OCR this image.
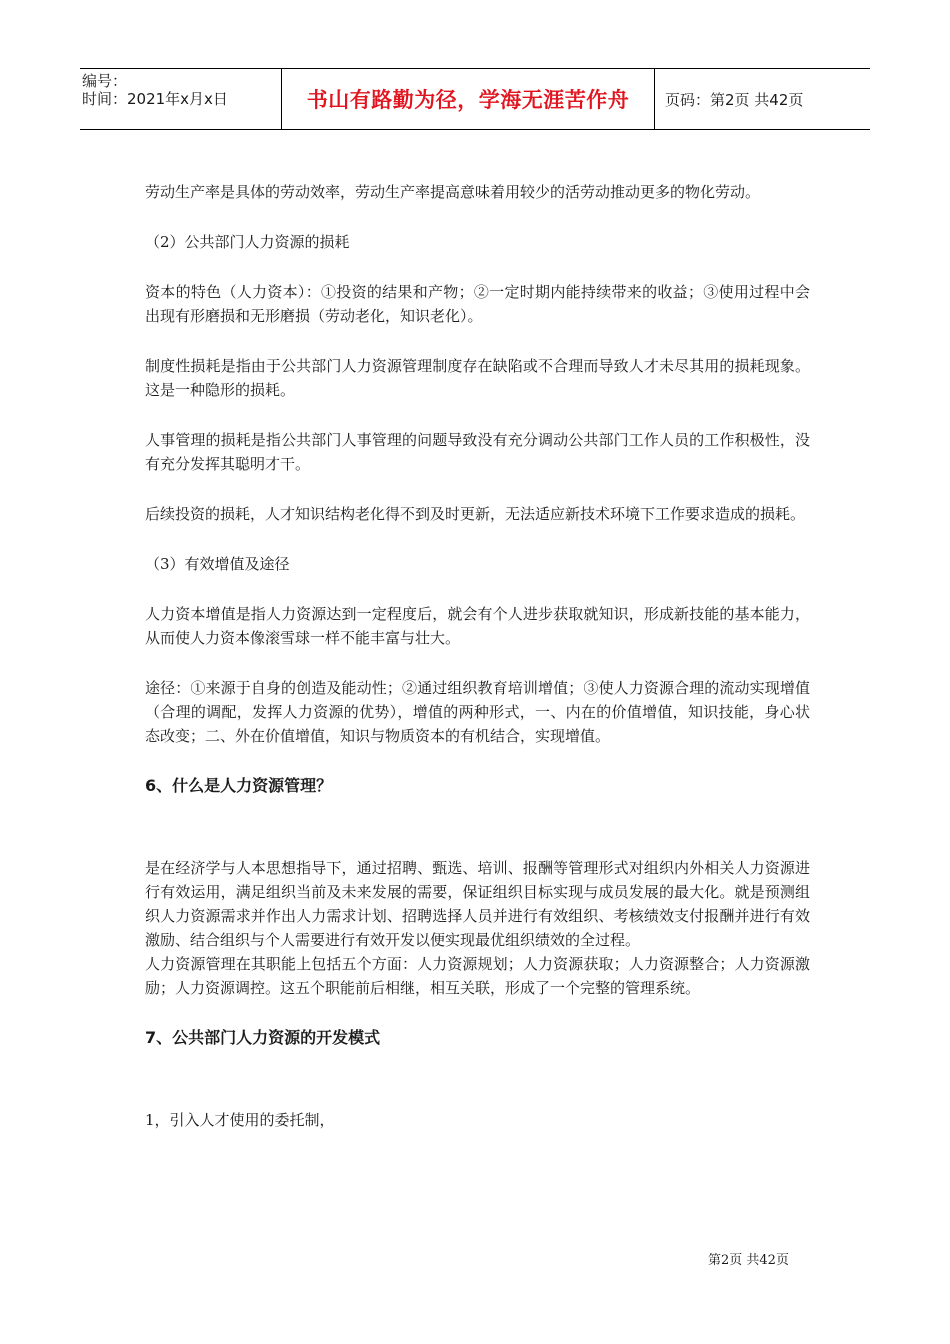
编号：
时间：2021年x月x日	书山有路勤为径，学海无涯苦作舟	页码：第2页 共42页

劳动生产率是具体的劳动效率，劳动生产率提高意味着用较少的活劳动推动更多的物化劳动。

（2）公共部门人力资源的损耗

资本的特色（人力资本）：①投资的结果和产物；②一定时期内能持续带来的收益；③使用过程中会出现有形磨损和无形磨损（劳动老化，知识老化）。

制度性损耗是指由于公共部门人力资源管理制度存在缺陷或不合理而导致人才未尽其用的损耗现象。这是一种隐形的损耗。

人事管理的损耗是指公共部门人事管理的问题导致没有充分调动公共部门工作人员的工作积极性，没有充分发挥其聪明才干。

后续投资的损耗，人才知识结构老化得不到及时更新，无法适应新技术环境下工作要求造成的损耗。

（3）有效增值及途径

人力资本增值是指人力资源达到一定程度后，就会有个人进步获取就知识，形成新技能的基本能力，从而使人力资本像滚雪球一样不能丰富与壮大。

途径：①来源于自身的创造及能动性；②通过组织教育培训增值；③使人力资源合理的流动实现增值（合理的调配，发挥人力资源的优势），增值的两种形式，一、内在的价值增值，知识技能，身心状态改变；二、外在价值增值，知识与物质资本的有机结合，实现增值。

6、什么是人力资源管理？

是在经济学与人本思想指导下，通过招聘、甄选、培训、报酬等管理形式对组织内外相关人力资源进行有效运用，满足组织当前及未来发展的需要，保证组织目标实现与成员发展的最大化。就是预测组织人力资源需求并作出人力需求计划、招聘选择人员并进行有效组织、考核绩效支付报酬并进行有效激励、结合组织与个人需要进行有效开发以便实现最优组织绩效的全过程。

人力资源管理在其职能上包括五个方面：人力资源规划；人力资源获取；人力资源整合；人力资源激励；人力资源调控。这五个职能前后相继，相互关联，形成了一个完整的管理系统。

7、公共部门人力资源的开发模式

1，引入人才使用的委托制，

第2页 共42页
